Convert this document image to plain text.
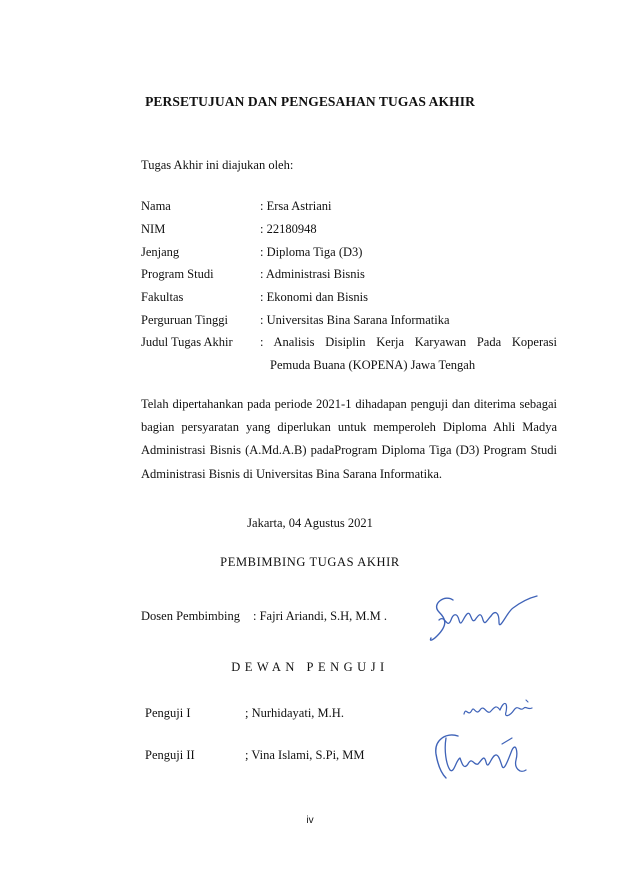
PERSETUJUAN DAN PENGESAHAN TUGAS AKHIR
Tugas Akhir ini diajukan oleh:
Nama	: Ersa Astriani
NIM	: 22180948
Jenjang	: Diploma Tiga (D3)
Program Studi	: Administrasi Bisnis
Fakultas	: Ekonomi dan Bisnis
Perguruan Tinggi	: Universitas Bina Sarana Informatika
Judul Tugas Akhir : Analisis Disiplin Kerja Karyawan Pada Koperasi
Pemuda Buana (KOPENA) Jawa Tengah

Telah dipertahankan pada periode 2021-1 dihadapan penguji dan diterima sebagai bagian persyaratan yang diperlukan untuk memperoleh Diploma Ahli Madya Administrasi Bisnis (A.Md.A.B) padaProgram Diploma Tiga (D3) Program Studi Administrasi Bisnis di Universitas Bina Sarana Informatika.

Jakarta, 04 Agustus 2021
PEMBIMBING TUGAS AKHIR
Dosen Pembimbing : Fajri Ariandi, S.H, M.M .
DEWAN PENGUJI
Penguji I	; Nurhidayati, M.H.
Penguji II	; Vina Islami, S.Pi, MM
iv
